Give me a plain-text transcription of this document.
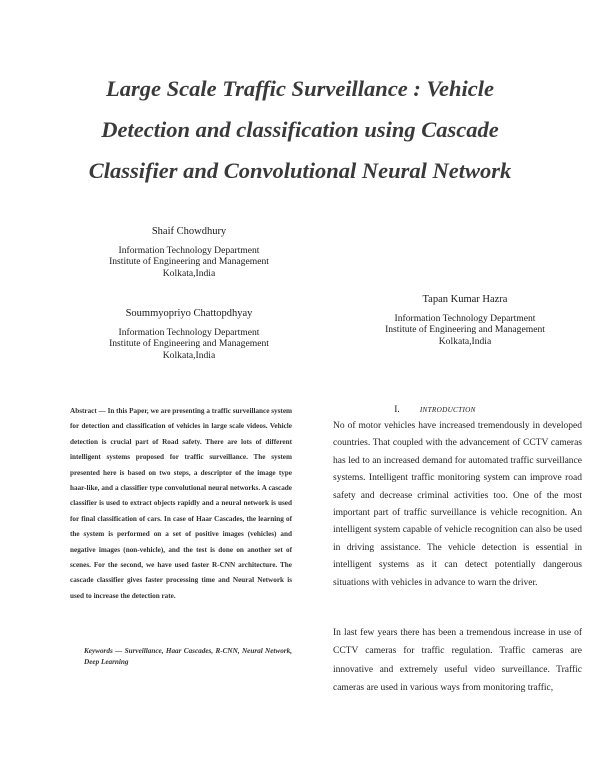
Large Scale Traffic Surveillance : Vehicle
Detection and classification using Cascade
Classifier and Convolutional Neural Network
Shaif Chowdhury
Information Technology Department
Institute of Engineering and Management
Kolkata,India
Soummyopriyo Chattopdhyay
Information Technology Department
Institute of Engineering and Management
Kolkata,India
Tapan Kumar Hazra
Information Technology Department
Institute of Engineering and Management
Kolkata,India
Abstract — In this Paper, we are presenting a traffic surveillance system for detection and classification of vehicles in large scale videos. Vehicle detection is crucial part of Road safety. There are lots of different intelligent systems proposed for traffic surveillance. The system presented here is based on two steps, a descriptor of the image type haar-like, and a classifier type convolutional neural networks. A cascade classifier is used to extract objects rapidly and a neural network is used for final classification of cars. In case of Haar Cascades, the learning of the system is performed on a set of positive images (vehicles) and negative images (non-vehicle), and the test is done on another set of scenes. For the second, we have used faster R-CNN architecture. The cascade classifier gives faster processing time and Neural Network is used to increase the detection rate.
Keywords — Surveillance, Haar Cascades, R-CNN, Neural Network, Deep Learning
I.	INTRODUCTION
No of motor vehicles have increased tremendously in developed countries. That coupled with the advancement of CCTV cameras has led to an increased demand for automated traffic surveillance systems. Intelligent traffic monitoring system can improve road safety and decrease criminal activities too. One of the most important part of traffic surveillance is vehicle recognition. An intelligent system capable of vehicle recognition can also be used in driving assistance. The vehicle detection is essential in intelligent systems as it can detect potentially dangerous situations with vehicles in advance to warn the driver.
In last few years there has been a tremendous increase in use of CCTV cameras for traffic regulation. Traffic cameras are innovative and extremely useful video surveillance. Traffic cameras are used in various ways from monitoring traffic,
